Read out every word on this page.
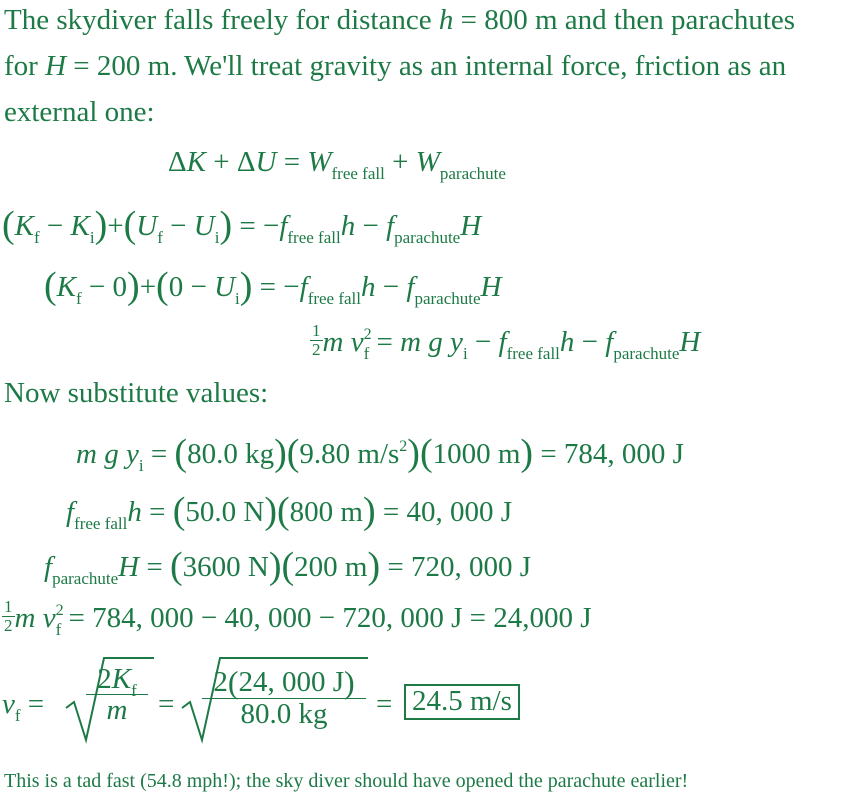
The skydiver falls freely for distance h = 800 m and then parachutes
for H = 200 m. We'll treat gravity as an internal force, friction as an
external one:
$\Delta K + \Delta U = W_{free fall} + W_{parachute}$
$(K_f - K_i)+(U_f - U_i) = -f_{free fall}h - f_{parachute}H$
$(K_f - 0)+(0 - U_i) = -f_{free fall}h - f_{parachute}H$
$\frac{1}{2}$ m $v^2_f = m$ g $y_i - f_{free fall}h - f_{parachute}H$
Now substitute values:
m g $y_i = (80.0$ kg)(9.80 $m/s^2)(1000$ m) = 784, 000 J
$f_{free fall}h = (50.0$ N)(800 m) = 40, 000 J
$f_{parachute}H = (3600$ N)(200 m) = 720, 000 J
$\frac{1}{2}$ m $v^2_f = 784$, 000 − 40, 000 − 720, 000 J = 24,000 J
$v_f = \frac{2K_f}{m} = \frac{2(24, 000 J)}{80.0 kg} = 24.5$ m/s
This is a tad fast (54.8 mph!); the sky diver should have opened the parachute earlier!
